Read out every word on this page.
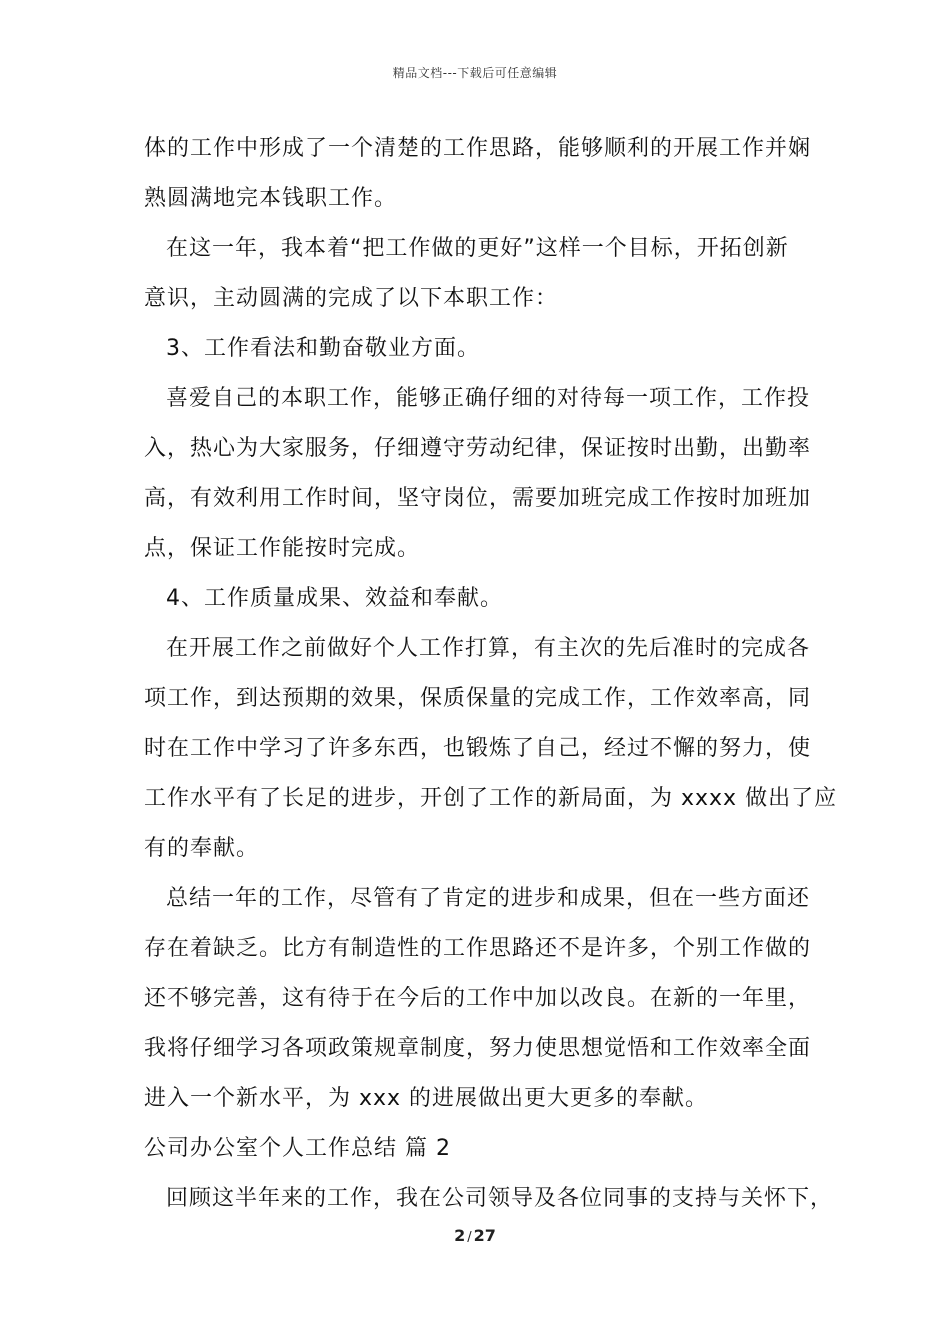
精品文档---下载后可任意编辑
体的工作中形成了一个清楚的工作思路，能够顺利的开展工作并娴
熟圆满地完本钱职工作。
在这一年，我本着“把工作做的更好”这样一个目标，开拓创新
意识，主动圆满的完成了以下本职工作：
3、工作看法和勤奋敬业方面。
喜爱自己的本职工作，能够正确仔细的对待每一项工作，工作投
入，热心为大家服务，仔细遵守劳动纪律，保证按时出勤，出勤率
高，有效利用工作时间，坚守岗位，需要加班完成工作按时加班加
点，保证工作能按时完成。
4、工作质量成果、效益和奉献。
在开展工作之前做好个人工作打算，有主次的先后准时的完成各
项工作，到达预期的效果，保质保量的完成工作，工作效率高，同
时在工作中学习了许多东西，也锻炼了自己，经过不懈的努力，使
工作水平有了长足的进步，开创了工作的新局面，为 xxxx 做出了应
有的奉献。
总结一年的工作，尽管有了肯定的进步和成果，但在一些方面还
存在着缺乏。比方有制造性的工作思路还不是许多，个别工作做的
还不够完善，这有待于在今后的工作中加以改良。在新的一年里，
我将仔细学习各项政策规章制度，努力使思想觉悟和工作效率全面
进入一个新水平，为 xxx 的进展做出更大更多的奉献。
公司办公室个人工作总结 篇 2
回顾这半年来的工作，我在公司领导及各位同事的支持与关怀下，
2 / 27
